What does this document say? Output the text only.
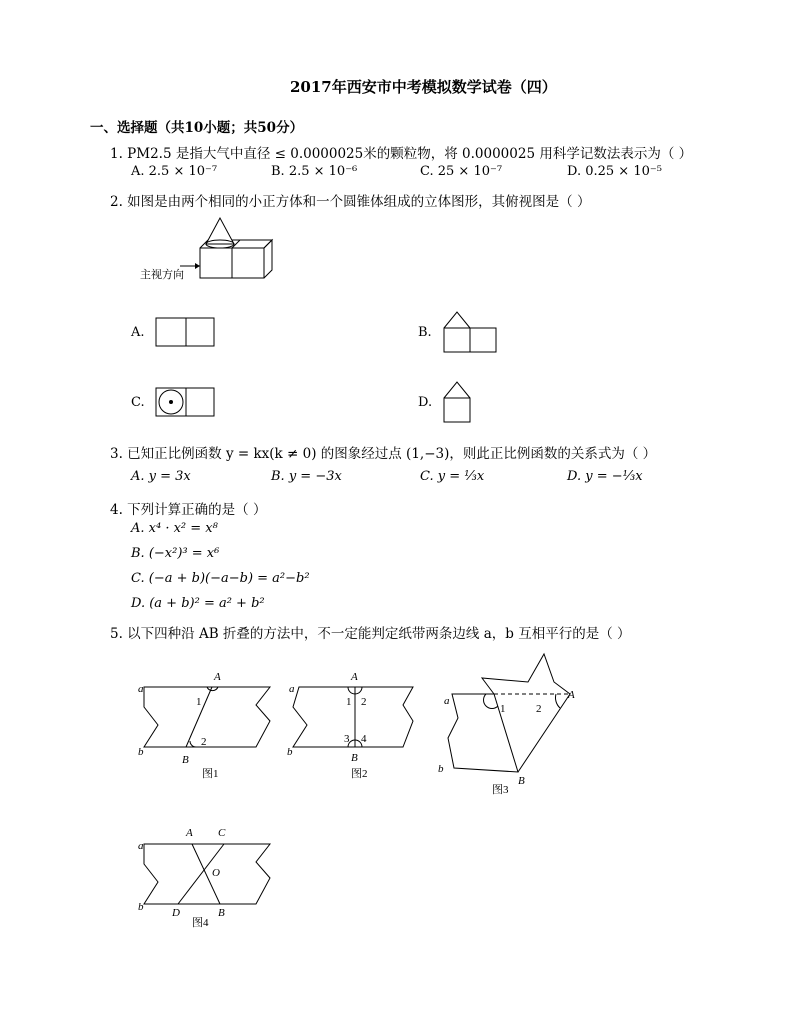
2017年西安市中考模拟数学试卷（四）
一、选择题（共10小题；共50分）
1. PM2.5 是指大气中直径 ≤ 0.0000025米的颗粒物，将 0.0000025 用科学记数法表示为（ ）
A. 2.5 × 10⁻⁷	B. 2.5 × 10⁻⁶	C. 25 × 10⁻⁷	D. 0.25 × 10⁻⁵
2. 如图是由两个相同的小正方体和一个圆锥体组成的立体图形，其俯视图是（ ）
主视方向
A.	B.
C.	D.
3. 已知正比例函数 y = kx(k ≠ 0) 的图象经过点 (1,−3)，则此正比例函数的关系式为（ ）
A. y = 3x	B. y = −3x	C. y = ⅓x	D. y = −⅓x
4. 下列计算正确的是（ ）
A. x⁴ · x² = x⁸
B. (−x²)³ = x⁶
C. (−a + b)(−a−b) = a²−b²
D. (a + b)² = a² + b²
5. 以下四种沿 AB 折叠的方法中，不一定能判定纸带两条边线 a，b 互相平行的是（ ）
a
b
A
B
1
2
图1
a
b
A
B
1 2
3 4
图2
a
b
A
B
1	2
图3
a
b
A C
D	B
O
图4
